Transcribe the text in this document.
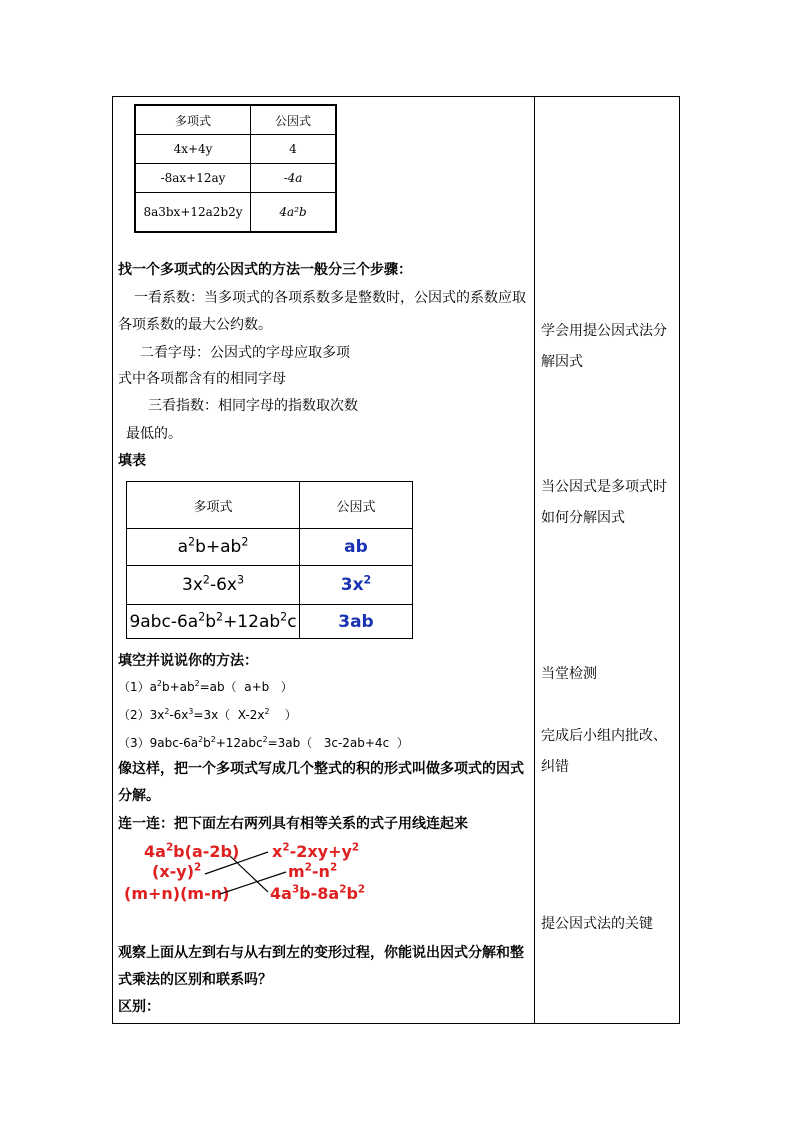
多项式	公因式
4x+4y	4
-8ax+12ay	-4a
8a3bx+12a2b2y	4a²b
找一个多项式的公因式的方法一般分三个步骤：
一看系数：当多项式的各项系数多是整数时，公因式的系数应取
各项系数的最大公约数。
二看字母：公因式的字母应取多项
式中各项都含有的相同字母
三看指数：相同字母的指数取次数
最低的。
填表
多项式	公因式
$a^2b+ab^2$	ab
$3x^2-6x^3$	$3x^2$
$9abc-6a^2b^2+12ab^2c$	3ab
填空并说说你的方法：
$(1)a^2b+ab^2=ab$（  a+b   ）
$(2)3x^2-6x^3=3x$（  $X-2x^2$    ）
$(3)9abc-6a^2b^2+12abc^2=3ab$（   3c-2ab+4c  ）
像这样，把一个多项式写成几个整式的积的形式叫做多项式的因式
分解。
连一连：把下面左右两列具有相等关系的式子用线连起来
$4a^2b(a-2b)$
$(x-y)^2$
(m+n)(m-n)
$x^2-2xy+y^2$
$m^2-n^2$
$4a^3b-8a^2b^2$
观察上面从左到右与从右到左的变形过程，你能说出因式分解和整
式乘法的区别和联系吗？
区别：
学会用提公因式法分
解因式
当公因式是多项式时
如何分解因式
当堂检测
完成后小组内批改、
纠错
提公因式法的关键
